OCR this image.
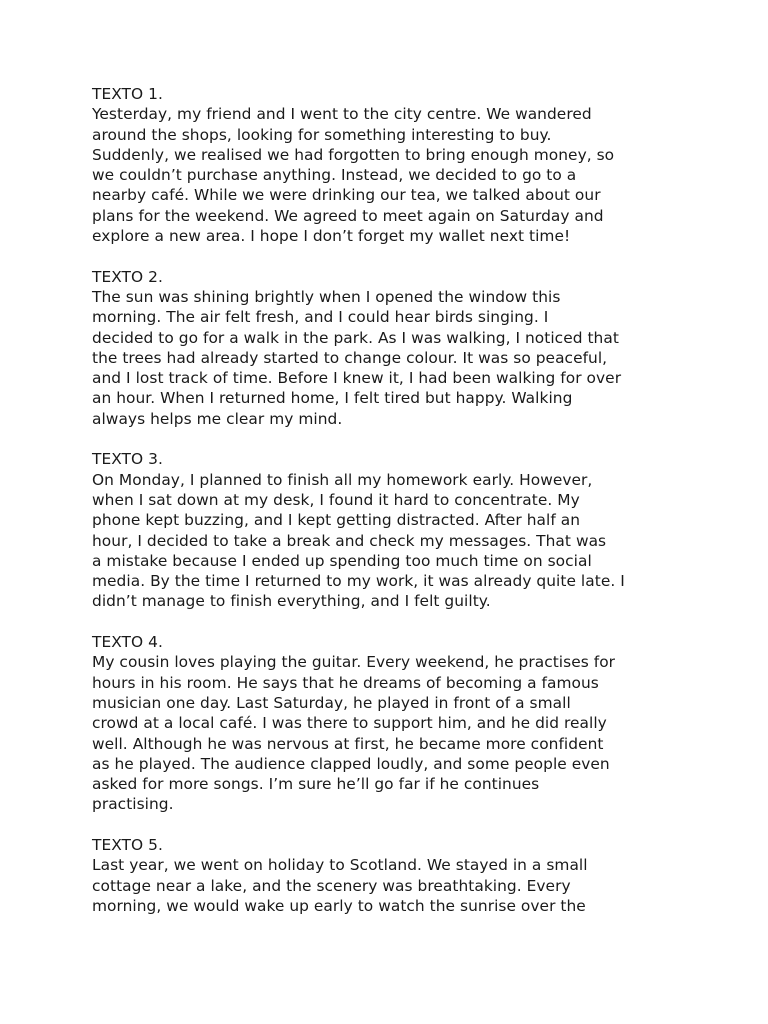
TEXTO 1.
Yesterday, my friend and I went to the city centre. We wandered
around the shops, looking for something interesting to buy.
Suddenly, we realised we had forgotten to bring enough money, so
we couldn’t purchase anything. Instead, we decided to go to a
nearby café. While we were drinking our tea, we talked about our
plans for the weekend. We agreed to meet again on Saturday and
explore a new area. I hope I don’t forget my wallet next time!
TEXTO 2.
The sun was shining brightly when I opened the window this
morning. The air felt fresh, and I could hear birds singing. I
decided to go for a walk in the park. As I was walking, I noticed that
the trees had already started to change colour. It was so peaceful,
and I lost track of time. Before I knew it, I had been walking for over
an hour. When I returned home, I felt tired but happy. Walking
always helps me clear my mind.
TEXTO 3.
On Monday, I planned to finish all my homework early. However,
when I sat down at my desk, I found it hard to concentrate. My
phone kept buzzing, and I kept getting distracted. After half an
hour, I decided to take a break and check my messages. That was
a mistake because I ended up spending too much time on social
media. By the time I returned to my work, it was already quite late. I
didn’t manage to finish everything, and I felt guilty.
TEXTO 4.
My cousin loves playing the guitar. Every weekend, he practises for
hours in his room. He says that he dreams of becoming a famous
musician one day. Last Saturday, he played in front of a small
crowd at a local café. I was there to support him, and he did really
well. Although he was nervous at first, he became more confident
as he played. The audience clapped loudly, and some people even
asked for more songs. I’m sure he’ll go far if he continues
practising.
TEXTO 5.
Last year, we went on holiday to Scotland. We stayed in a small
cottage near a lake, and the scenery was breathtaking. Every
morning, we would wake up early to watch the sunrise over the
